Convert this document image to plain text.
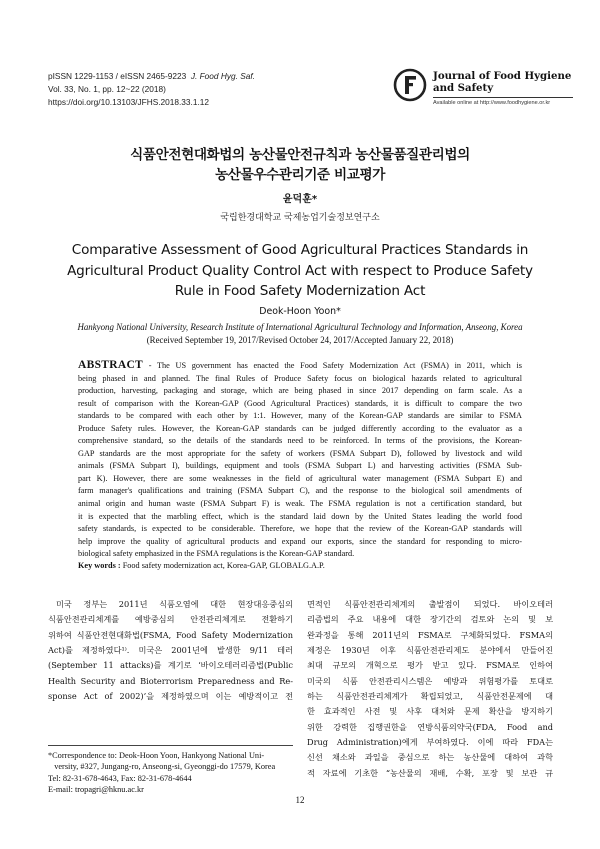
pISSN 1229-1153 / eISSN 2465-9223 J. Food Hyg. Saf.
Vol. 33, No. 1, pp. 12~22 (2018)
https://doi.org/10.13103/JFHS.2018.33.1.12
Journal of Food Hygiene
and Safety
Available online at http://www.foodhygiene.or.kr
식품안전현대화법의 농산물안전규칙과 농산물품질관리법의
농산물우수관리기준 비교평가
윤덕훈*
국립한경대학교 국제농업기술정보연구소
Comparative Assessment of Good Agricultural Practices Standards in
Agricultural Product Quality Control Act with respect to Produce Safety
Rule in Food Safety Modernization Act
Deok-Hoon Yoon*
Hankyong National University, Research Institute of International Agricultural Technology and Information, Anseong, Korea
(Received September 19, 2017/Revised October 24, 2017/Accepted January 22, 2018)
ABSTRACT - The US government has enacted the Food Safety Modernization Act (FSMA) in 2011, which is
being phased in and planned. The final Rules of Produce Safety focus on biological hazards related to agricultural
production, harvesting, packaging and storage, which are being phased in since 2017 depending on farm scale. As a
result of comparison with the Korean-GAP (Good Agricultural Practices) standards, it is difficult to compare the two
standards to be compared with each other by 1:1. However, many of the Korean-GAP standards are similar to FSMA
Produce Safety rules. However, the Korean-GAP standards can be judged differently according to the evaluator as a
comprehensive standard, so the details of the standards need to be reinforced. In terms of the provisions, the Korean-
GAP standards are the most appropriate for the safety of workers (FSMA Subpart D), followed by livestock and wild
animals (FSMA Subpart I), buildings, equipment and tools (FSMA Subpart L) and harvesting activities (FSMA Sub-
part K). However, there are some weaknesses in the field of agricultural water management (FSMA Subpart E) and
farm manager's qualifications and training (FSMA Subpart C), and the response to the biological soil amendments of
animal origin and human waste (FSMA Subpart F) is weak. The FSMA regulation is not a certification standard, but
it is expected that the marbling effect, which is the standard laid down by the United States leading the world food
safety standards, is expected to be considerable. Therefore, we hope that the review of the Korean-GAP standards will
help improve the quality of agricultural products and expand our exports, since the standard for responding to micro-
biological safety emphasized in the FSMA regulations is the Korean-GAP standard.
Key words : Food safety modernization act, Korea-GAP, GLOBALG.A.P.
미국 정부는 2011년 식품오염에 대한 현장대응중심의
식품안전관리체계를 예방중심의 안전관리체계로 전환하기
위하여 식품안전현대화법(FSMA, Food Safety Modernization
Act)를 제정하였다¹⁾. 미국은 2001년에 발생한 9/11 테러
(September 11 attacks)를 계기로 ‘바이오테러리즘법(Public
Health Security and Bioterrorism Preparedness and Re-
sponse Act of 2002)’을 제정하였으며 이는 예방적이고 전
*Correspondence to: Deok-Hoon Yoon, Hankyong National Uni-
versity, #327, Jungang-ro, Anseong-si, Gyeonggi-do 17579, Korea
Tel: 82-31-678-4643, Fax: 82-31-678-4644
E-mail: tropagri@hknu.ac.kr
면적인 식품안전관리체계의 출발점이 되었다. 바이오테러
리즘법의 주요 내용에 대한 장기간의 검토와 논의 및 보
완과정을 통해 2011년의 FSMA로 구체화되었다. FSMA의
제정은 1930년 이후 식품안전관리제도 분야에서 만들어진
최대 규모의 개혁으로 평가 받고 있다. FSMA로 인하여
미국의 식품 안전관리시스템은 예방과 위험평가를 토대로
하는 식품안전관리체계가 확립되었고, 식품안전문제에 대
한 효과적인 사전 및 사후 대처와 문제 확산을 방지하기
위한 강력한 집행권한을 연방식품의약국(FDA, Food and
Drug Administration)에게 부여하였다. 이에 따라 FDA는
신선 채소와 과일을 중심으로 하는 농산물에 대하여 과학
적 자료에 기초한 “농산물의 재배, 수확, 포장 및 보관 규
12
